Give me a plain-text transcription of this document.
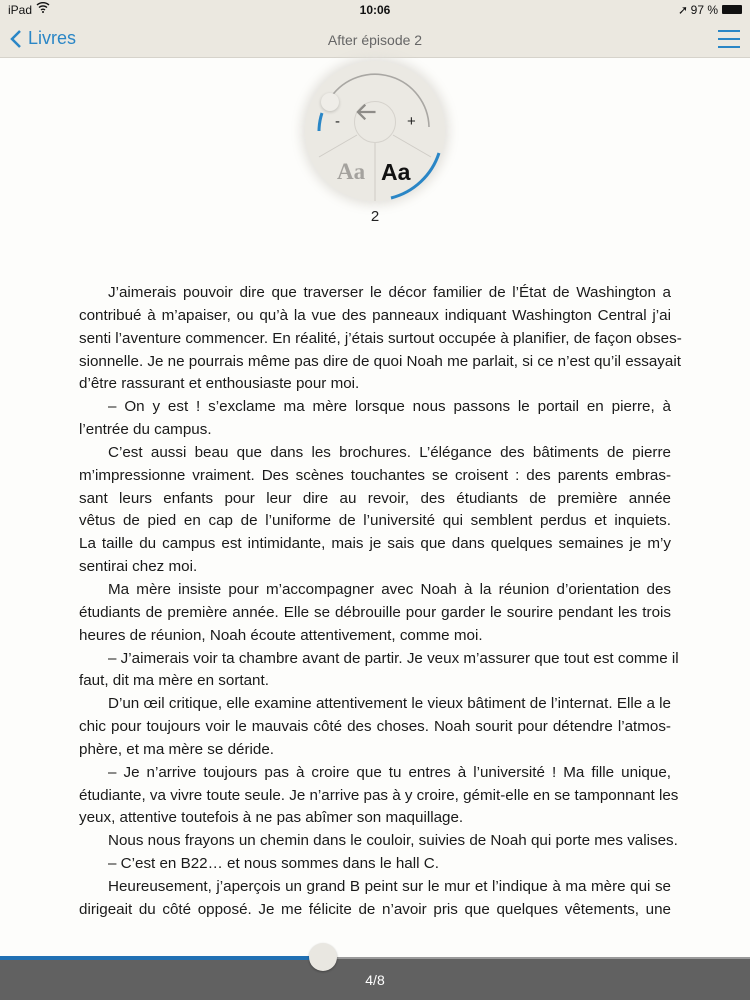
iPad	10:06	➚ 97 %
Livres	After épisode 2
-	+
Aa Aa
2
J’aimerais pouvoir dire que traverser le décor familier de l’État de Washington a
contribué à m’apaiser, ou qu’à la vue des panneaux indiquant Washington Central j’ai
senti l’aventure commencer. En réalité, j’étais surtout occupée à planifier, de façon obses-
sionnelle. Je ne pourrais même pas dire de quoi Noah me parlait, si ce n’est qu’il essayait
d’être rassurant et enthousiaste pour moi.
– On y est ! s’exclame ma mère lorsque nous passons le portail en pierre, à
l’entrée du campus.
C’est aussi beau que dans les brochures. L’élégance des bâtiments de pierre
m’impressionne vraiment. Des scènes touchantes se croisent : des parents embras-
sant leurs enfants pour leur dire au revoir, des étudiants de première année
vêtus de pied en cap de l’uniforme de l’université qui semblent perdus et inquiets.
La taille du campus est intimidante, mais je sais que dans quelques semaines je m’y
sentirai chez moi.
Ma mère insiste pour m’accompagner avec Noah à la réunion d’orientation des
étudiants de première année. Elle se débrouille pour garder le sourire pendant les trois
heures de réunion, Noah écoute attentivement, comme moi.
– J’aimerais voir ta chambre avant de partir. Je veux m’assurer que tout est comme il
faut, dit ma mère en sortant.
D’un œil critique, elle examine attentivement le vieux bâtiment de l’internat. Elle a le
chic pour toujours voir le mauvais côté des choses. Noah sourit pour détendre l’atmos-
phère, et ma mère se déride.
– Je n’arrive toujours pas à croire que tu entres à l’université ! Ma fille unique,
étudiante, va vivre toute seule. Je n’arrive pas à y croire, gémit-elle en se tamponnant les
yeux, attentive toutefois à ne pas abîmer son maquillage.
Nous nous frayons un chemin dans le couloir, suivies de Noah qui porte mes valises.
– C’est en B22… et nous sommes dans le hall C.
Heureusement, j’aperçois un grand B peint sur le mur et l’indique à ma mère qui se
dirigeait du côté opposé. Je me félicite de n’avoir pris que quelques vêtements, une
4/8
